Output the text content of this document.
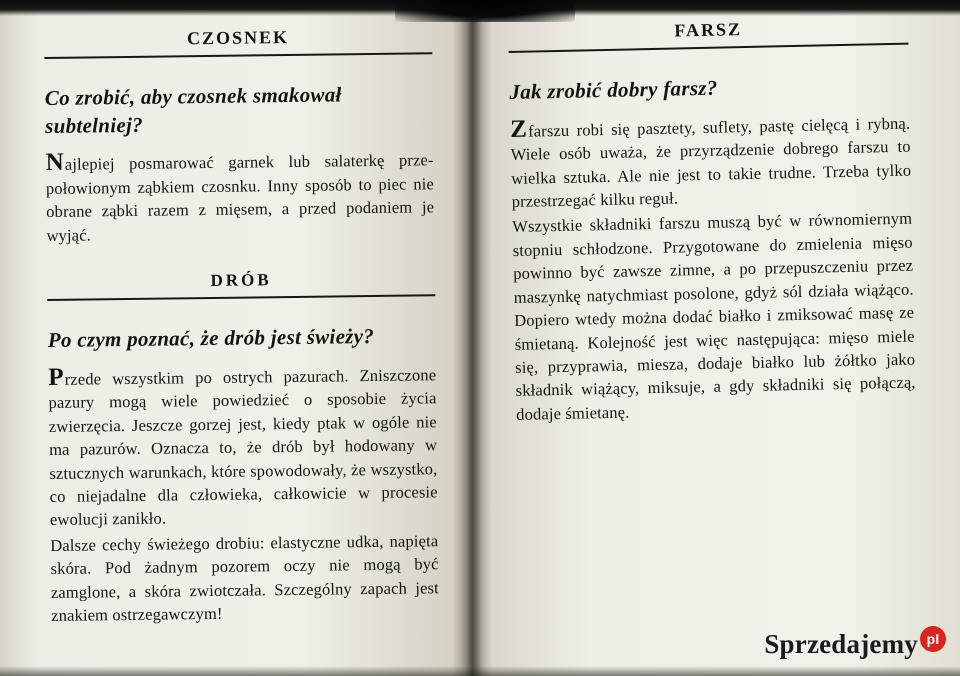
CZOSNEK
Co zrobić, aby czosnek smakował subtelniej?

Najlepiej posmarować garnek lub salaterkę prze-połowionym ząbkiem czosnku. Inny sposób to piec nie obrane ząbki razem z mięsem, a przed podaniem je wyjąć.

DRÓB
Po czym poznać, że drób jest świeży?

Przede wszystkim po ostrych pazurach. Zniszczone pazury mogą wiele powiedzieć o sposobie życia zwierzęcia. Jeszcze gorzej jest, kiedy ptak w ogóle nie ma pazurów. Oznacza to, że drób był hodowany w sztucznych warunkach, które spowodowały, że wszystko, co niejadalne dla człowieka, całkowicie w procesie ewolucji zanikło.

Dalsze cechy świeżego drobiu: elastyczne udka, napięta skóra. Pod żadnym pozorem oczy nie mogą być zamglone, a skóra zwiotczała. Szczególny zapach jest znakiem ostrzegawczym!

FARSZ
Jak zrobić dobry farsz?

Zfarszu robi się pasztety, suflety, pastę cielęcą i rybną. Wiele osób uważa, że przyrządzenie dobrego farszu to wielka sztuka. Ale nie jest to takie trudne. Trzeba tylko przestrzegać kilku reguł.

Wszystkie składniki farszu muszą być w równomiernym stopniu schłodzone. Przygotowane do zmielenia mięso powinno być zawsze zimne, a po przepuszczeniu przez maszynkę natychmiast posolone, gdyż sól działa wiążąco. Dopiero wtedy można dodać białko i zmiksować masę ze śmietaną. Kolejność jest więc następująca: mięso miele się, przyprawia, miesza, dodaje białko lub żółtko jako składnik wiążący, miksuje, a gdy składniki się połączą, dodaje śmietanę.

Sprzedajemy pl
